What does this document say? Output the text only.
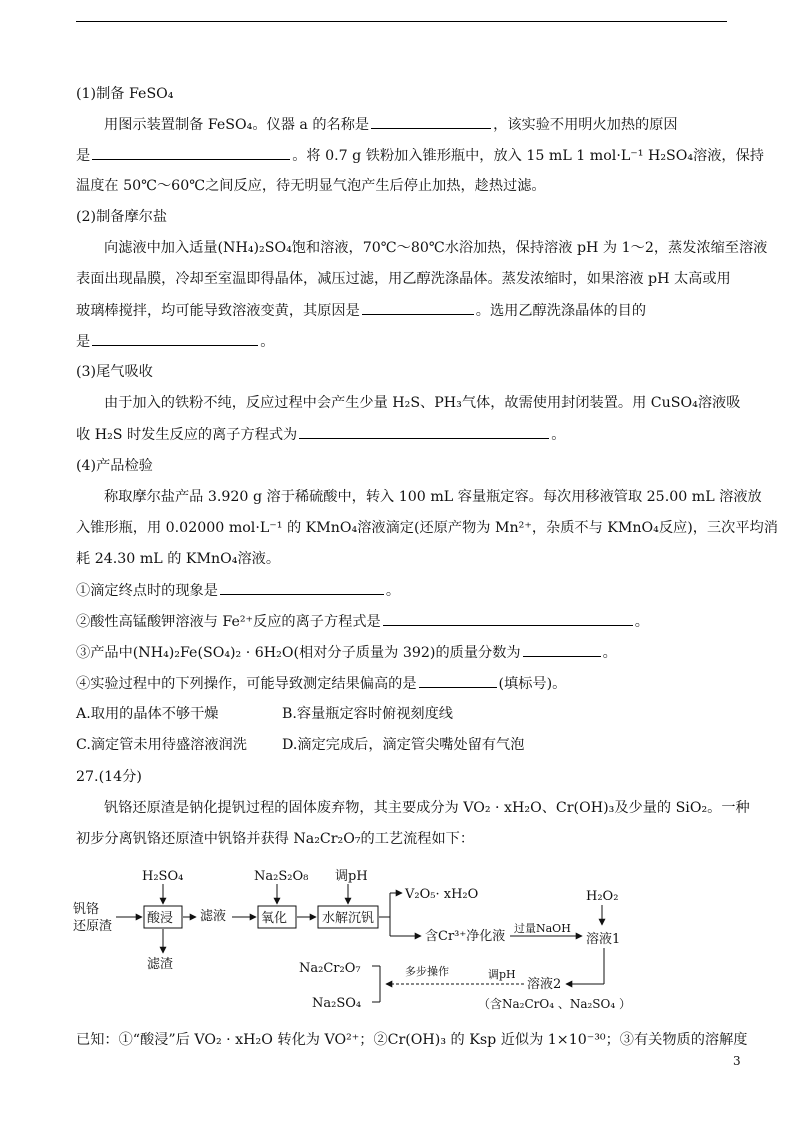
(1)制备 FeSO₄
用图示装置制备 FeSO₄。仪器 a 的名称是	，该实验不用明火加热的原因
是	。将 0.7 g 铁粉加入锥形瓶中，放入 15 mL 1 mol·L⁻¹ H₂SO₄溶液，保持
温度在 50℃～60℃之间反应，待无明显气泡产生后停止加热，趁热过滤。
(2)制备摩尔盐
向滤液中加入适量(NH₄)₂SO₄饱和溶液，70℃～80℃水浴加热，保持溶液 pH 为 1～2，蒸发浓缩至溶液
表面出现晶膜，冷却至室温即得晶体，减压过滤，用乙醇洗涤晶体。蒸发浓缩时，如果溶液 pH 太高或用
玻璃棒搅拌，均可能导致溶液变黄，其原因是	。选用乙醇洗涤晶体的目的
是	。
(3)尾气吸收
由于加入的铁粉不纯，反应过程中会产生少量 H₂S、PH₃气体，故需使用封闭装置。用 CuSO₄溶液吸
收 H₂S 时发生反应的离子方程式为	。
(4)产品检验
称取摩尔盐产品 3.920 g 溶于稀硫酸中，转入 100 mL 容量瓶定容。每次用移液管取 25.00 mL 溶液放
入锥形瓶，用 0.02000 mol·L⁻¹ 的 KMnO₄溶液滴定(还原产物为 Mn²⁺，杂质不与 KMnO₄反应)，三次平均消
耗 24.30 mL 的 KMnO₄溶液。
①滴定终点时的现象是	。
②酸性高锰酸钾溶液与 Fe²⁺反应的离子方程式是	。
③产品中(NH₄)₂Fe(SO₄)₂ · 6H₂O(相对分子质量为 392)的质量分数为	。
④实验过程中的下列操作，可能导致测定结果偏高的是	(填标号)。
A.取用的晶体不够干燥	B.容量瓶定容时俯视刻度线
C.滴定管未用待盛溶液润洗 D.滴定完成后，滴定管尖嘴处留有气泡
27.(14分)
钒铬还原渣是钠化提钒过程的固体废弃物，其主要成分为 VO₂ · xH₂O、Cr(OH)₃及少量的 SiO₂。一种
初步分离钒铬还原渣中钒铬并获得 Na₂Cr₂O₇的工艺流程如下：
钒铬
还原渣
H₂SO₄
滤渣
滤液
Na₂S₂O₈ 调pH
V₂O₅· xH₂O
含Cr³⁺净化液
过量NaOH
H₂O₂
溶液1
溶液2
（含Na₂CrO₄ 、Na₂SO₄ ）
调pH
多步操作
Na₂Cr₂O₇
Na₂SO₄
酸浸	氧化	水解沉钒
已知：①“酸浸”后 VO₂ · xH₂O 转化为 VO²⁺；②Cr(OH)₃ 的 Ksp 近似为 1×10⁻³⁰；③有关物质的溶解度
3
